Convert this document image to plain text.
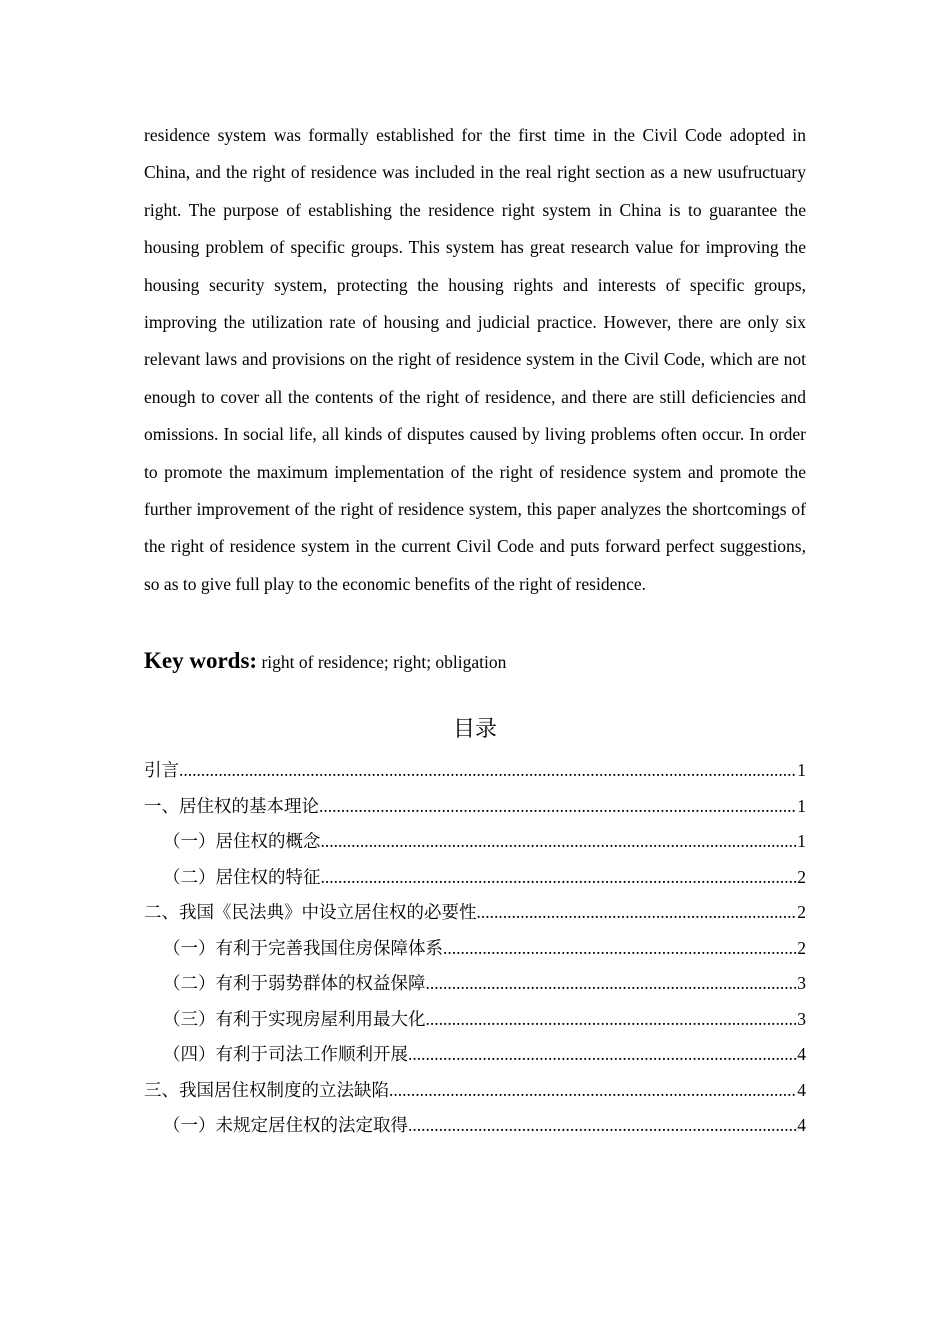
residence system was formally established for the first time in the Civil Code adopted in China, and the right of residence was included in the real right section as a new usufructuary right. The purpose of establishing the residence right system in China is to guarantee the housing problem of specific groups. This system has great research value for improving the housing security system, protecting the housing rights and interests of specific groups, improving the utilization rate of housing and judicial practice. However, there are only six relevant laws and provisions on the right of residence system in the Civil Code, which are not enough to cover all the contents of the right of residence, and there are still deficiencies and omissions. In social life, all kinds of disputes caused by living problems often occur. In order to promote the maximum implementation of the right of residence system and promote the further improvement of the right of residence system, this paper analyzes the shortcomings of the right of residence system in the current Civil Code and puts forward perfect suggestions, so as to give full play to the economic benefits of the right of residence.

Key words: right of residence; right; obligation

目录
引言 .....	1
一、居住权的基本理论 .....	1
（一）居住权的概念 .....	1
（二）居住权的特征 .....	2
二、我国《民法典》中设立居住权的必要性 .....	2
（一）有利于完善我国住房保障体系 .....	2
（二）有利于弱势群体的权益保障 .....	3
（三）有利于实现房屋利用最大化 .....	3
（四）有利于司法工作顺利开展 .....	4
三、我国居住权制度的立法缺陷 .....	4
（一）未规定居住权的法定取得 .....	4
